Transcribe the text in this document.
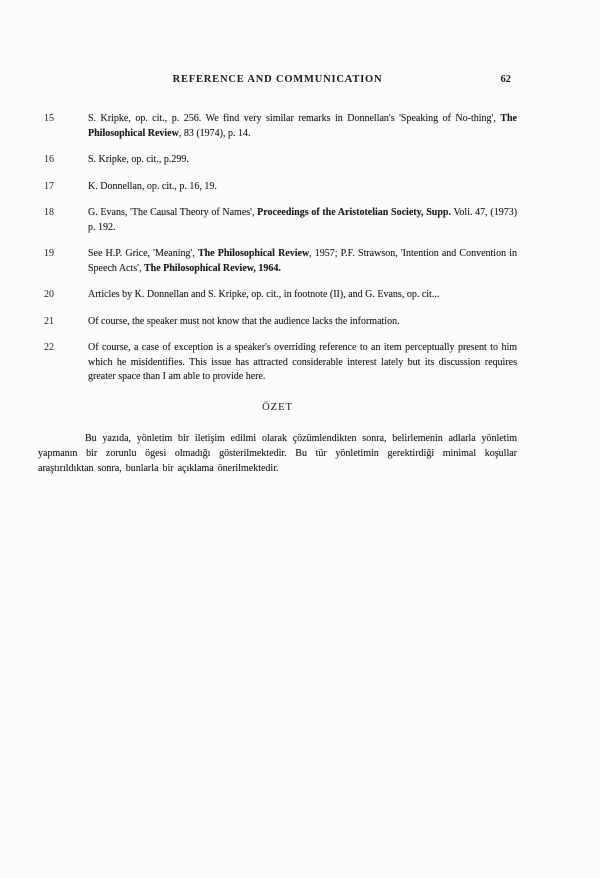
REFERENCE AND COMMUNICATION	62
15	S. Kripke, op. cit., p. 256. We find very similar remarks in Donnellan's 'Speaking of No-thing', The Philosophical Review, 83 (1974), p. 14.
16	S. Kripke, op. cit., p.299.
17	K. Donnellan, op. cit., p. 16, 19.
18	G. Evans, 'The Causal Theory of Names', Proceedings of the Aristotelian Society, Supp. Voli. 47, (1973) p. 192.
19	See H.P. Grice, 'Meaning', The Philosophical Review, 1957; P.F. Strawson, 'Intention and Convention in Speech Acts', The Philosophical Review, 1964.
20	Articles by K. Donnellan and S. Kripke, op. cit., in footnote (II), and G. Evans, op. cit...
21	Of course, the speaker must not know that the audience lacks the information.
22	Of course, a case of exception is a speaker's overriding reference to an item perceptually present to him which he misidentifies. This issue has attracted considerable interest lately but its discussion requires greater space than I am able to provide here.
ÖZET

Bu yazıda, yönletim bir iletişim edilmi olarak çözümlendikten sonra, belirlemenin adlarla yönletim yapmanın bir zorunlu ögesi olmadığı gösterilmektedir. Bu tür yönletimin gerektirdiği minimal koşullar araştırıldıktan sonra, bunlarla bir açıklama önerilmektedir.
